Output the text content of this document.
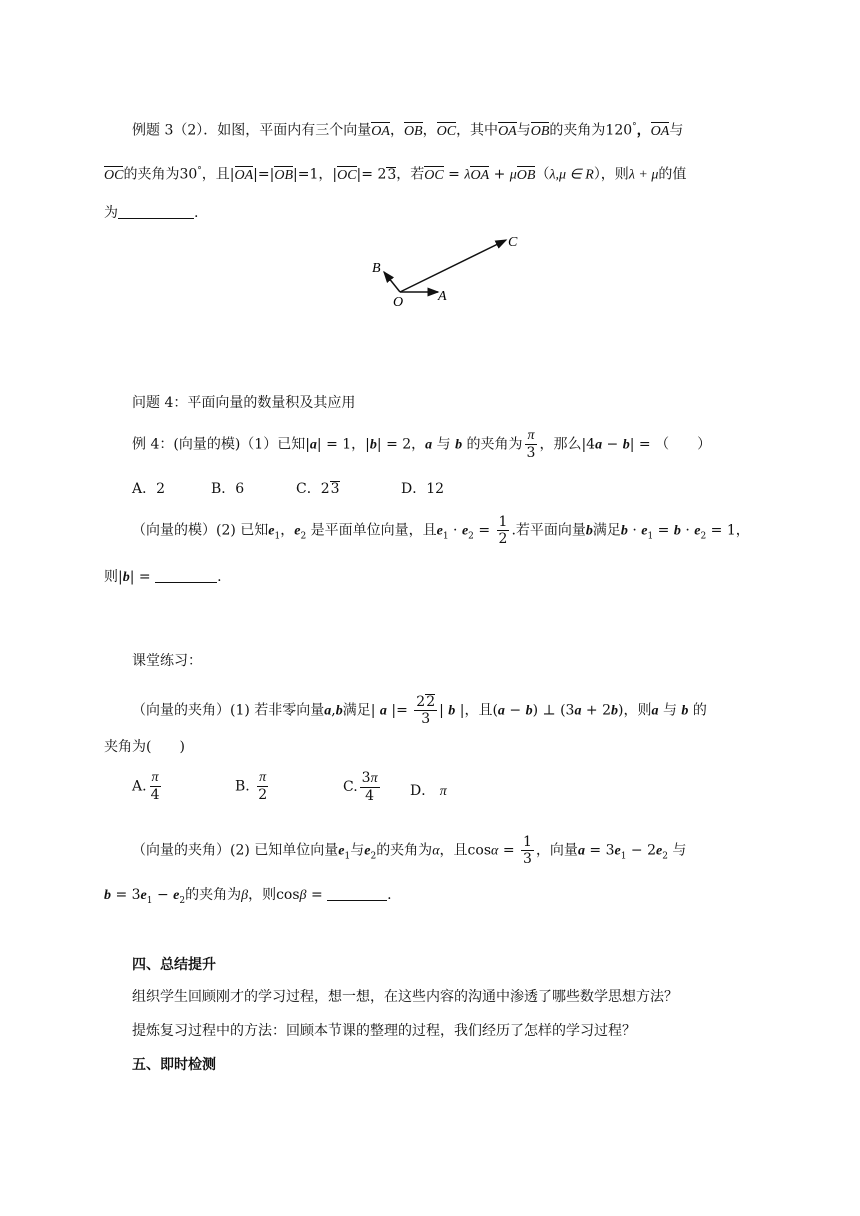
例题 3（2）．如图，平面内有三个向量OA，OB，OC，其中OA与OB的夹角为120°，OA与
OC的夹角为30°，且|OA|=|OB|=1，|OC|= 23，若OC = λOA + μOB（λ,μ ∈ R），则λ + μ的值
为	.
O A
B
C
问题 4：平面向量的数量积及其应用
例 4：(向量的模)（1）已知|a| = 1，|b| = 2，a 与 b 的夹角为 $\frac{\pi}{3}$ ，那么|4a − b| = （　　）
A．2	B．6	C．23	D．12
（向量的模）(2) 已知$e_1$，$e_2$ 是平面单位向量，且$e_1 \cdot e_2 = \frac{1}{2}$ .若平面向量b满足$b \cdot e_1 = b \cdot e_2 = 1$，
则|b| =	.
课堂练习：
（向量的夹角）(1) 若非零向量a,b满足| a |= $\frac{22}{3}$ | b |，且(a − b) ⊥ (3a + 2b)，则a 与 b 的
夹角为(　　)
A. $\frac{\pi}{4}$	B. $\frac{\pi}{2}$	C. $\frac{3\pi}{4}$ D． π
（向量的夹角）(2) 已知单位向量$e_1$与$e_2$的夹角为α，且$\cos\alpha = \frac{1}{3}$ ，向量$a = 3e_1 - 2e_2$ 与
$b = 3e_1 - e_2$的夹角为β，则cosβ =	.
四、总结提升
组织学生回顾刚才的学习过程，想一想，在这些内容的沟通中渗透了哪些数学思想方法？
提炼复习过程中的方法：回顾本节课的整理的过程，我们经历了怎样的学习过程？
五、即时检测
